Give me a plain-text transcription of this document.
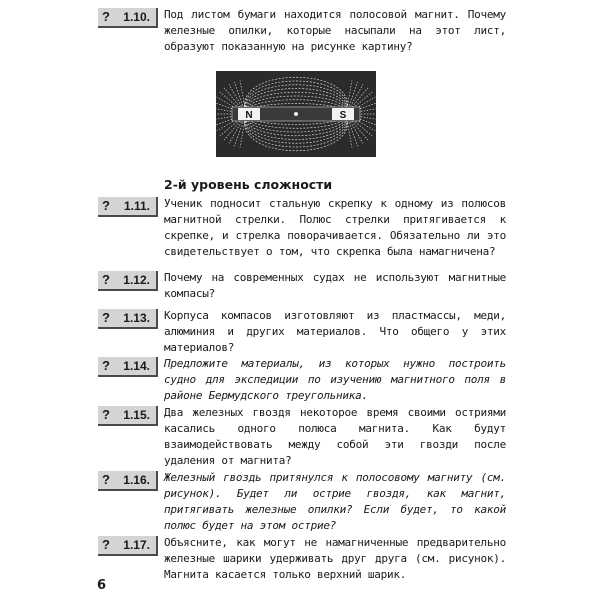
? 1.10. Под листом бумаги находится полосовой магнит. Почему железные опилки, которые насыпали на этот лист, образуют показанную на рисунке картину?

N	S
2-й уровень сложности
? 1.11. Ученик подносит стальную скрепку к одному из полюсов магнитной стрелки. Полюс стрелки притягивается к скрепке, и стрелка поворачивается. Обязательно ли это свидетельствует о том, что скрепка была намагничена?

? 1.12. Почему на современных судах не используют магнитные компасы?

? 1.13. Корпуса компасов изготовляют из пластмассы, меди, алюминия и других материалов. Что общего у этих материалов?

? 1.14. Предложите материалы, из которых нужно построить судно для экспедиции по изучению магнитного поля в районе Бермудского треугольника.

? 1.15. Два железных гвоздя некоторое время своими остриями касались одного полюса магнита. Как будут взаимодействовать между собой эти гвозди после удаления от магнита?

? 1.16. Железный гвоздь притянулся к полосовому магниту (см. рисунок). Будет ли острие гвоздя, как магнит, притягивать железные опилки? Если будет, то какой полюс будет на этом острие?

? 1.17. Объясните, как могут не намагниченные предварительно железные шарики удерживать друг друга (см. рисунок). Магнита касается только верхний шарик.

6
